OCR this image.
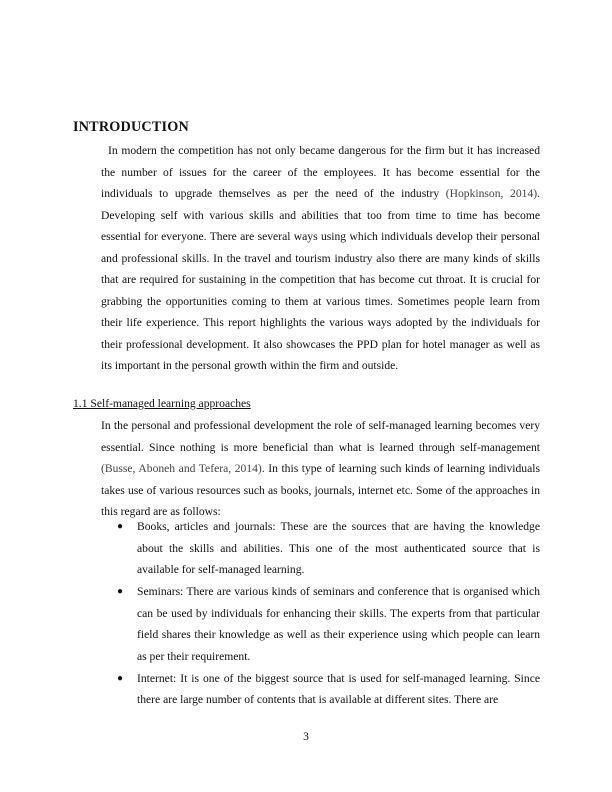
INTRODUCTION
In modern the competition has not only became dangerous for the firm but it has increased the number of issues for the career of the employees. It has become essential for the individuals to upgrade themselves as per the need of the industry (Hopkinson, 2014). Developing self with various skills and abilities that too from time to time has become essential for everyone. There are several ways using which individuals develop their personal and professional skills. In the travel and tourism industry also there are many kinds of skills that are required for sustaining in the competition that has become cut throat. It is crucial for grabbing the opportunities coming to them at various times. Sometimes people learn from their life experience. This report highlights the various ways adopted by the individuals for their professional development. It also showcases the PPD plan for hotel manager as well as its important in the personal growth within the firm and outside.
1.1 Self-managed learning approaches
In the personal and professional development the role of self-managed learning becomes very essential. Since nothing is more beneficial than what is learned through self-management (Busse, Aboneh and Tefera, 2014). In this type of learning such kinds of learning individuals takes use of various resources such as books, journals, internet etc. Some of the approaches in this regard are as follows:
● Books, articles and journals: These are the sources that are having the knowledge about the skills and abilities. This one of the most authenticated source that is available for self-managed learning.
● Seminars: There are various kinds of seminars and conference that is organised which can be used by individuals for enhancing their skills. The experts from that particular field shares their knowledge as well as their experience using which people can learn as per their requirement.
● Internet: It is one of the biggest source that is used for self-managed learning. Since there are large number of contents that is available at different sites. There are
3
